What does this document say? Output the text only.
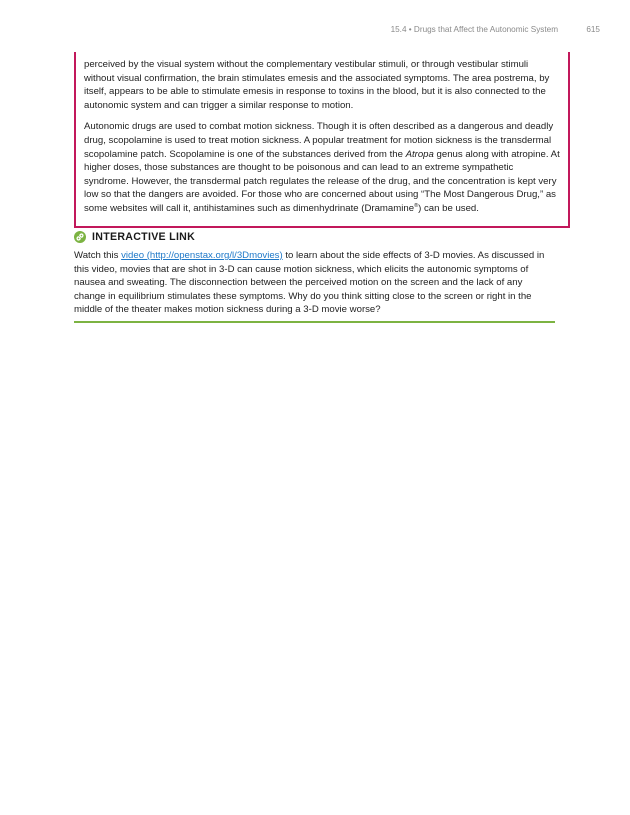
15.4 • Drugs that Affect the Autonomic System	615

perceived by the visual system without the complementary vestibular stimuli, or through vestibular stimuli without visual confirmation, the brain stimulates emesis and the associated symptoms. The area postrema, by itself, appears to be able to stimulate emesis in response to toxins in the blood, but it is also connected to the autonomic system and can trigger a similar response to motion.

Autonomic drugs are used to combat motion sickness. Though it is often described as a dangerous and deadly drug, scopolamine is used to treat motion sickness. A popular treatment for motion sickness is the transdermal scopolamine patch. Scopolamine is one of the substances derived from the Atropa genus along with atropine. At higher doses, those substances are thought to be poisonous and can lead to an extreme sympathetic syndrome. However, the transdermal patch regulates the release of the drug, and the concentration is kept very low so that the dangers are avoided. For those who are concerned about using “The Most Dangerous Drug,” as some websites will call it, antihistamines such as dimenhydrinate (Dramamine®) can be used.

INTERACTIVE LINK
Watch this video (http://openstax.org/l/3Dmovies) to learn about the side effects of 3-D movies. As discussed in this video, movies that are shot in 3-D can cause motion sickness, which elicits the autonomic symptoms of nausea and sweating. The disconnection between the perceived motion on the screen and the lack of any change in equilibrium stimulates these symptoms. Why do you think sitting close to the screen or right in the middle of the theater makes motion sickness during a 3-D movie worse?
